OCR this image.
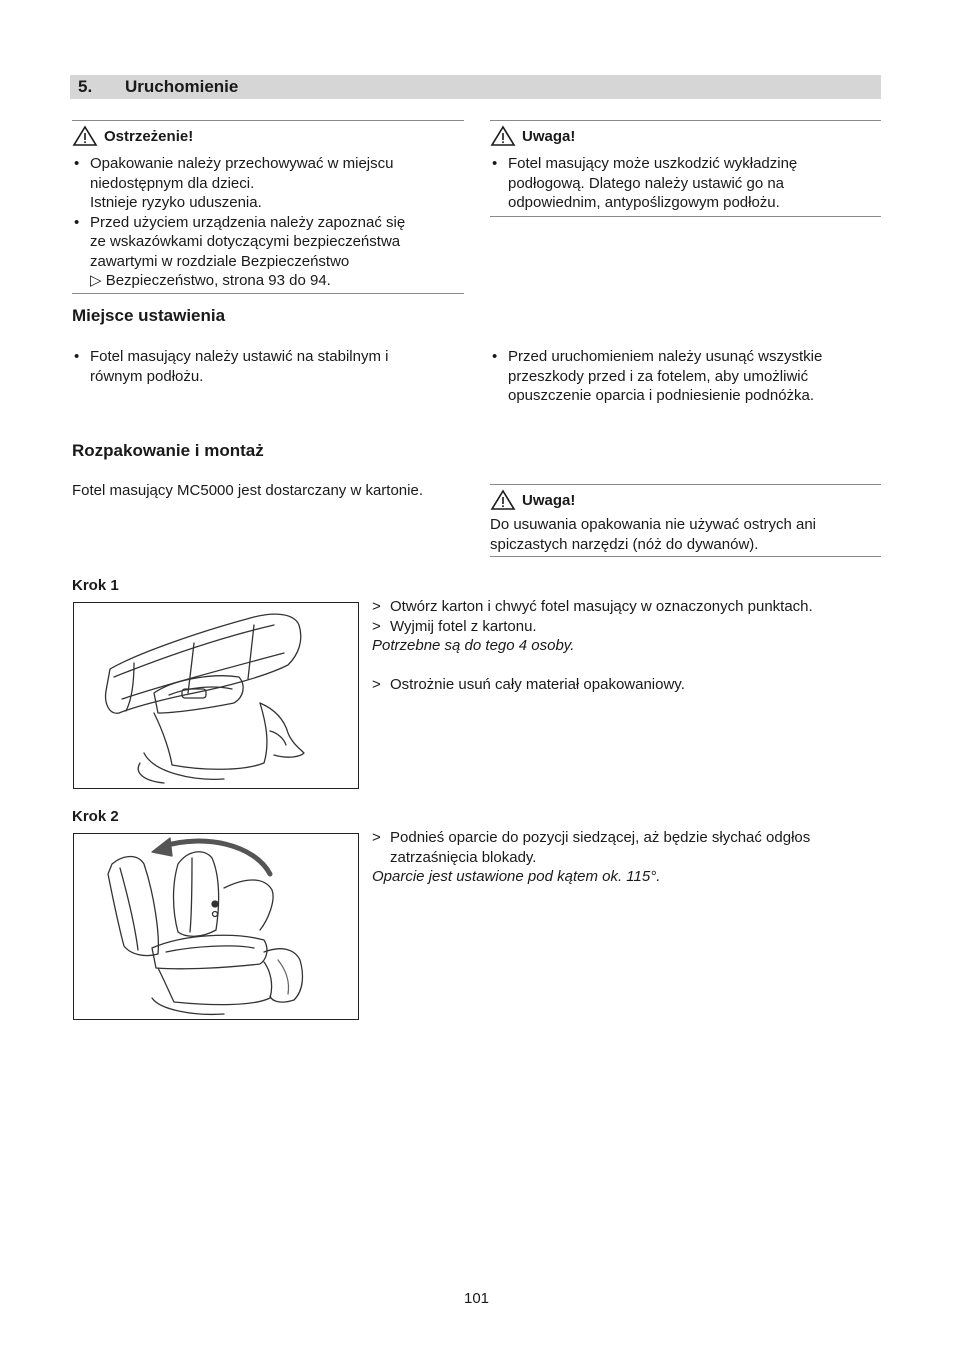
5. Uruchomienie
Ostrzeżenie!
• Opakowanie należy przechowywać w miejscu
niedostępnym dla dzieci.
Istnieje ryzyko uduszenia.
• Przed użyciem urządzenia należy zapoznać się
ze wskazówkami dotyczącymi bezpieczeństwa
zawartymi w rozdziale Bezpieczeństwo
▷ Bezpieczeństwo, strona 93 do 94.
Uwaga!
• Fotel masujący może uszkodzić wykładzinę
podłogową. Dlatego należy ustawić go na
odpowiednim, antypoślizgowym podłożu.
Miejsce ustawienia
• Fotel masujący należy ustawić na stabilnym i
równym podłożu.
• Przed uruchomieniem należy usunąć wszystkie
przeszkody przed i za fotelem, aby umożliwić
opuszczenie oparcia i podniesienie podnóżka.
Rozpakowanie i montaż
Fotel masujący MC5000 jest dostarczany w kartonie.
Uwaga!
Do usuwania opakowania nie używać ostrych ani
spiczastych narzędzi (nóż do dywanów).
Krok 1
> Otwórz karton i chwyć fotel masujący w oznaczonych punktach.
> Wyjmij fotel z kartonu.
Potrzebne są do tego 4 osoby.
> Ostrożnie usuń cały materiał opakowaniowy.
Krok 2
> Podnieś oparcie do pozycji siedzącej, aż będzie słychać odgłos
zatrzaśnięcia blokady.
Oparcie jest ustawione pod kątem ok. 115°.
101
